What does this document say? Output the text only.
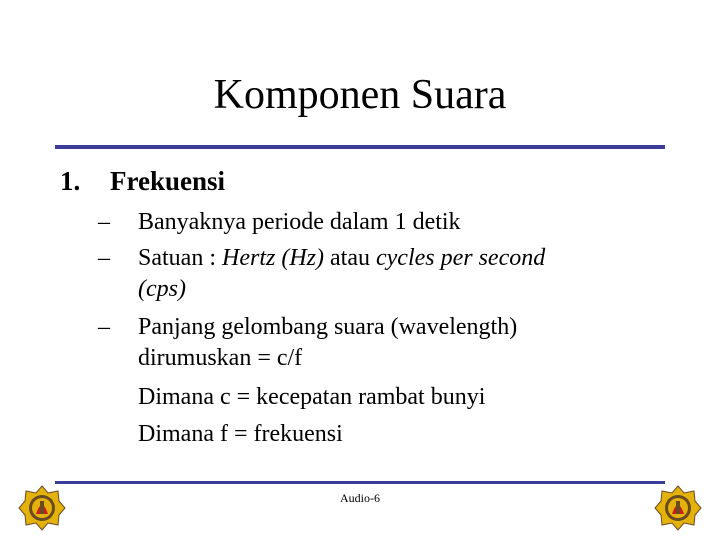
Komponen Suara
1. Frekuensi
– Banyaknya periode dalam 1 detik
– Satuan : Hertz (Hz) atau cycles per second
(cps)
– Panjang gelombang suara (wavelength)
dirumuskan = c/f
Dimana c = kecepatan rambat bunyi
Dimana f = frekuensi
Audio-6
